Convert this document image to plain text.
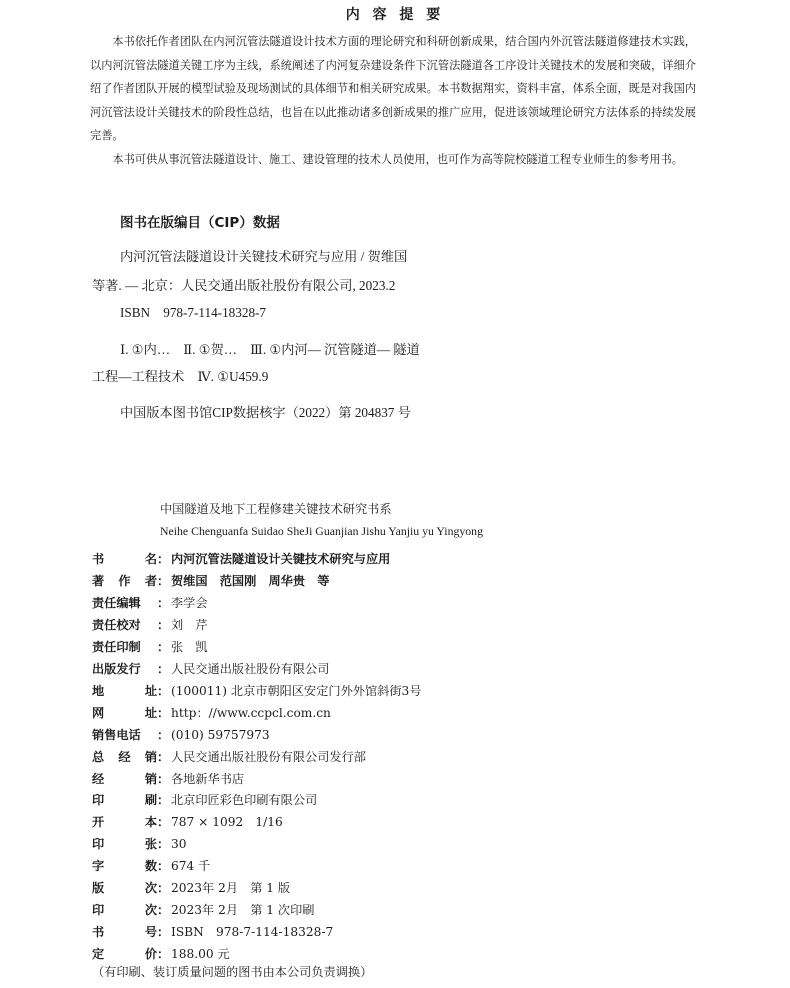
内 容 提 要

本书依托作者团队在内河沉管法隧道设计技术方面的理论研究和科研创新成果，结合国内外沉管法隧道修建技术实践，以内河沉管法隧道关键工序为主线，系统阐述了内河复杂建设条件下沉管法隧道各工序设计关键技术的发展和突破，详细介绍了作者团队开展的模型试验及现场测试的具体细节和相关研究成果。本书数据翔实，资料丰富，体系全面，既是对我国内河沉管法设计关键技术的阶段性总结，也旨在以此推动诸多创新成果的推广应用，促进该领域理论研究方法体系的持续发展完善。

本书可供从事沉管法隧道设计、施工、建设管理的技术人员使用，也可作为高等院校隧道工程专业师生的参考用书。

图书在版编目（CIP）数据
内河沉管法隧道设计关键技术研究与应用 / 贺维国
等著. — 北京：人民交通出版社股份有限公司, 2023.2
ISBN　978-7-114-18328-7
Ⅰ. ①内…　Ⅱ. ①贺…　Ⅲ. ①内河— 沉管隧道— 隧道
工程—工程技术　Ⅳ. ①U459.9
中国版本图书馆CIP数据核字（2022）第 204837 号
中国隧道及地下工程修建关键技术研究书系
Neihe Chenguanfa Suidao SheJi Guanjian Jishu Yanjiu yu Yingyong
书	名 ： 内河沉管法隧道设计关键技术研究与应用
著 作 者 ： 贺维国　范国刚　周华贵　等
责任编辑 ： 李学会
责任校对 ： 刘　芹
责任印制 ： 张　凯
出版发行 ： 人民交通出版社股份有限公司
地	址 ： (100011) 北京市朝阳区安定门外外馆斜街3号
网	址 ： http：//www.ccpcl.com.cn
销售电话 ： (010) 59757973
总 经 销 ： 人民交通出版社股份有限公司发行部
经	销 ： 各地新华书店
印	刷 ： 北京印匠彩色印刷有限公司
开	本 ： 787 × 1092　1/16
印	张 ： 30
字	数 ： 674 千
版	次 ： 2023年 2月　第 1 版
印	次 ： 2023年 2月　第 1 次印刷
书	号 ： ISBN　978-7-114-18328-7
定	价 ： 188.00 元
（有印刷、装订质量问题的图书由本公司负责调换）
